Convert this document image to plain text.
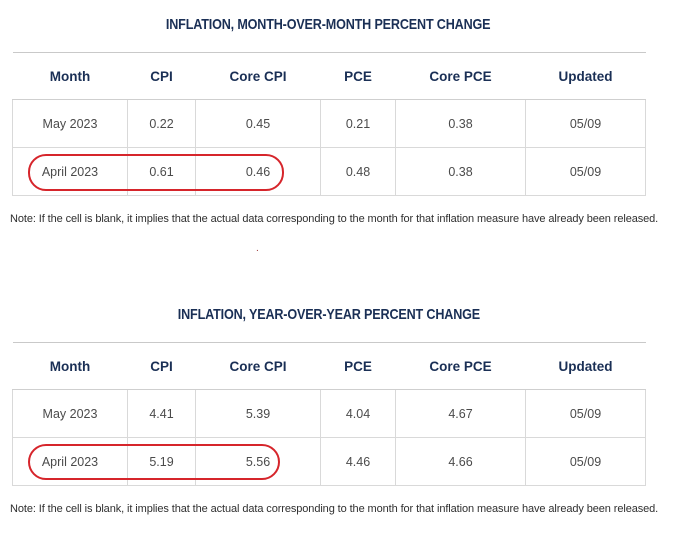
INFLATION, MONTH-OVER-MONTH PERCENT CHANGE
Month	CPI	Core CPI	PCE	Core PCE	Updated
May 2023	0.22	0.45	0.21	0.38	05/09
April 2023	0.61	0.46	0.48	0.38	05/09
Note: If the cell is blank, it implies that the actual data corresponding to the month for that inflation measure have already been released.
.
INFLATION, YEAR-OVER-YEAR PERCENT CHANGE
Month	CPI	Core CPI	PCE	Core PCE	Updated
May 2023	4.41	5.39	4.04	4.67	05/09
April 2023	5.19	5.56	4.46	4.66	05/09
Note: If the cell is blank, it implies that the actual data corresponding to the month for that inflation measure have already been released.
